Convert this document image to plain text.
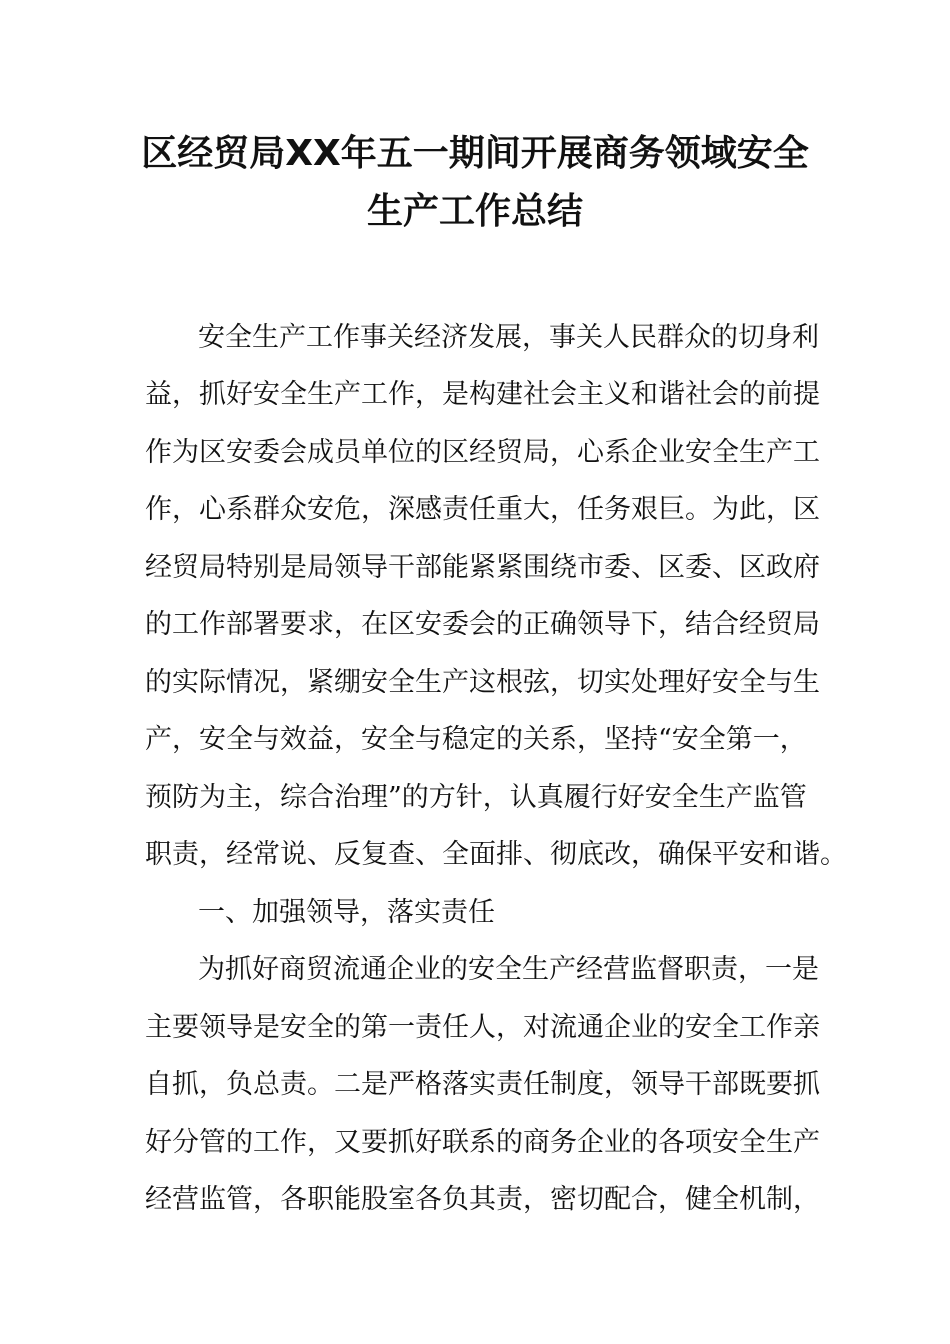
区经贸局XX年五一期间开展商务领域安全
生产工作总结
安全生产工作事关经济发展，事关人民群众的切身利
益，抓好安全生产工作，是构建社会主义和谐社会的前提
作为区安委会成员单位的区经贸局，心系企业安全生产工
作，心系群众安危，深感责任重大，任务艰巨。为此，区
经贸局特别是局领导干部能紧紧围绕市委、区委、区政府
的工作部署要求，在区安委会的正确领导下，结合经贸局
的实际情况，紧绷安全生产这根弦，切实处理好安全与生
产，安全与效益，安全与稳定的关系，坚持“安全第一，
预防为主，综合治理”的方针，认真履行好安全生产监管
职责，经常说、反复查、全面排、彻底改，确保平安和谐。
一、加强领导，落实责任
为抓好商贸流通企业的安全生产经营监督职责，一是
主要领导是安全的第一责任人，对流通企业的安全工作亲
自抓，负总责。二是严格落实责任制度，领导干部既要抓
好分管的工作，又要抓好联系的商务企业的各项安全生产
经营监管，各职能股室各负其责，密切配合，健全机制，
